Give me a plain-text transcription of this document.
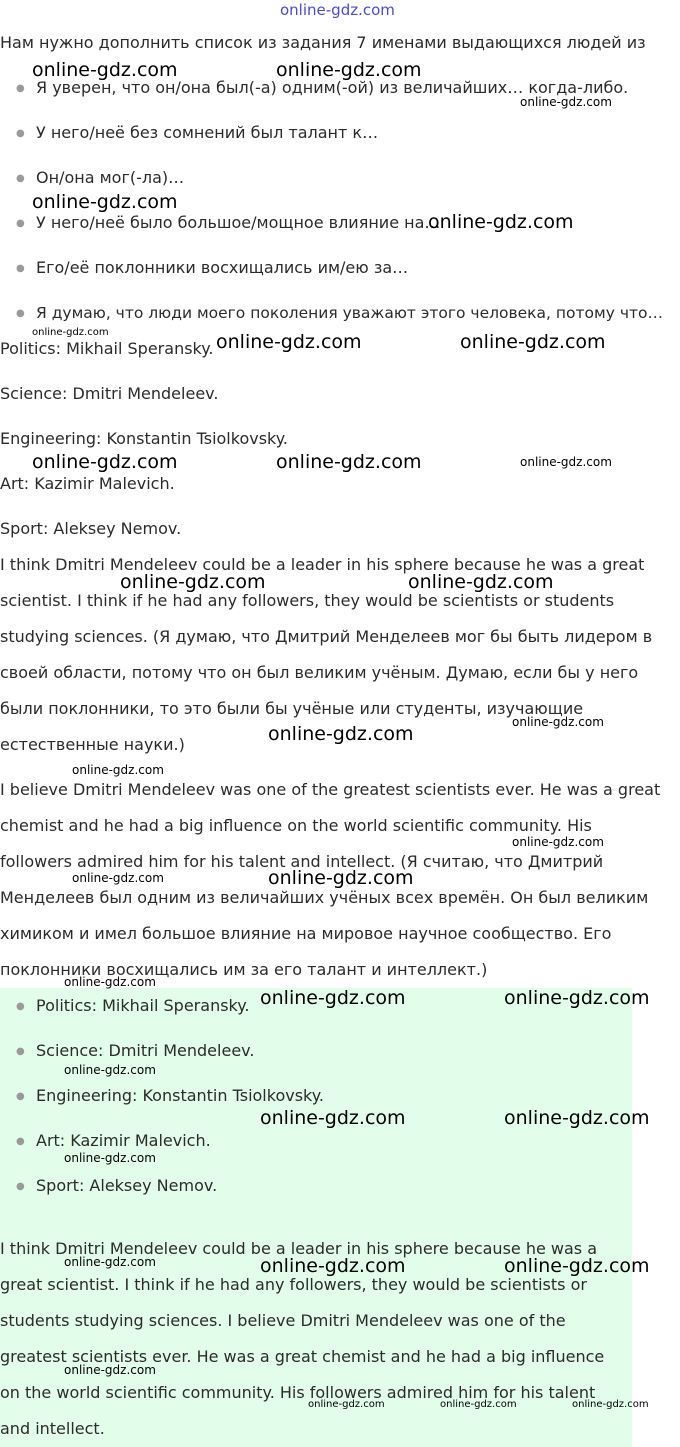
online-gdz.com
Нам нужно дополнить список из задания 7 именами выдающихся людей из
● Я уверен, что он/она был(-а) одним(-ой) из величайших… когда-либо.
● У него/неё без сомнений был талант к…
● Он/она мог(-ла)…
● У него/неё было большое/мощное влияние на…
● Его/её поклонники восхищались им/ею за…
● Я думаю, что люди моего поколения уважают этого человека, потому что…
Politics: Mikhail Speransky.
Science: Dmitri Mendeleev.
Engineering: Konstantin Tsiolkovsky.
Art: Kazimir Malevich.
Sport: Aleksey Nemov.
I think Dmitri Mendeleev could be a leader in his sphere because he was a great
scientist. I think if he had any followers, they would be scientists or students
studying sciences. (Я думаю, что Дмитрий Менделеев мог бы быть лидером в
своей области, потому что он был великим учёным. Думаю, если бы у него
были поклонники, то это были бы учёные или студенты, изучающие
естественные науки.)
I believe Dmitri Mendeleev was one of the greatest scientists ever. He was a great
chemist and he had a big influence on the world scientific community. His
followers admired him for his talent and intellect. (Я считаю, что Дмитрий
Менделеев был одним из величайших учёных всех времён. Он был великим
химиком и имел большое влияние на мировое научное сообщество. Его
поклонники восхищались им за его талант и интеллект.)
● Politics: Mikhail Speransky.
● Science: Dmitri Mendeleev.
● Engineering: Konstantin Tsiolkovsky.
● Art: Kazimir Malevich.
● Sport: Aleksey Nemov.
I think Dmitri Mendeleev could be a leader in his sphere because he was a
great scientist. I think if he had any followers, they would be scientists or
students studying sciences. I believe Dmitri Mendeleev was one of the
greatest scientists ever. He was a great chemist and he had a big influence
on the world scientific community. His followers admired him for his talent
and intellect.
online-gdz.com	online-gdz.com
online-gdz.com
online-gdz.com
online-gdz.com
online-gdz.com	online-gdz.com	online-gdz.com
online-gdz.com	online-gdz.com	online-gdz.com
online-gdz.com	online-gdz.com
online-gdz.com
online-gdz.com
online-gdz.com
online-gdz.com
online-gdz.com	online-gdz.com
online-gdz.com
online-gdz.com	online-gdz.com
online-gdz.com
online-gdz.com	online-gdz.com
online-gdz.com
online-gdz.com	online-gdz.com	online-gdz.com
online-gdz.com
online-gdz.com	online-gdz.com	online-gdz.com
